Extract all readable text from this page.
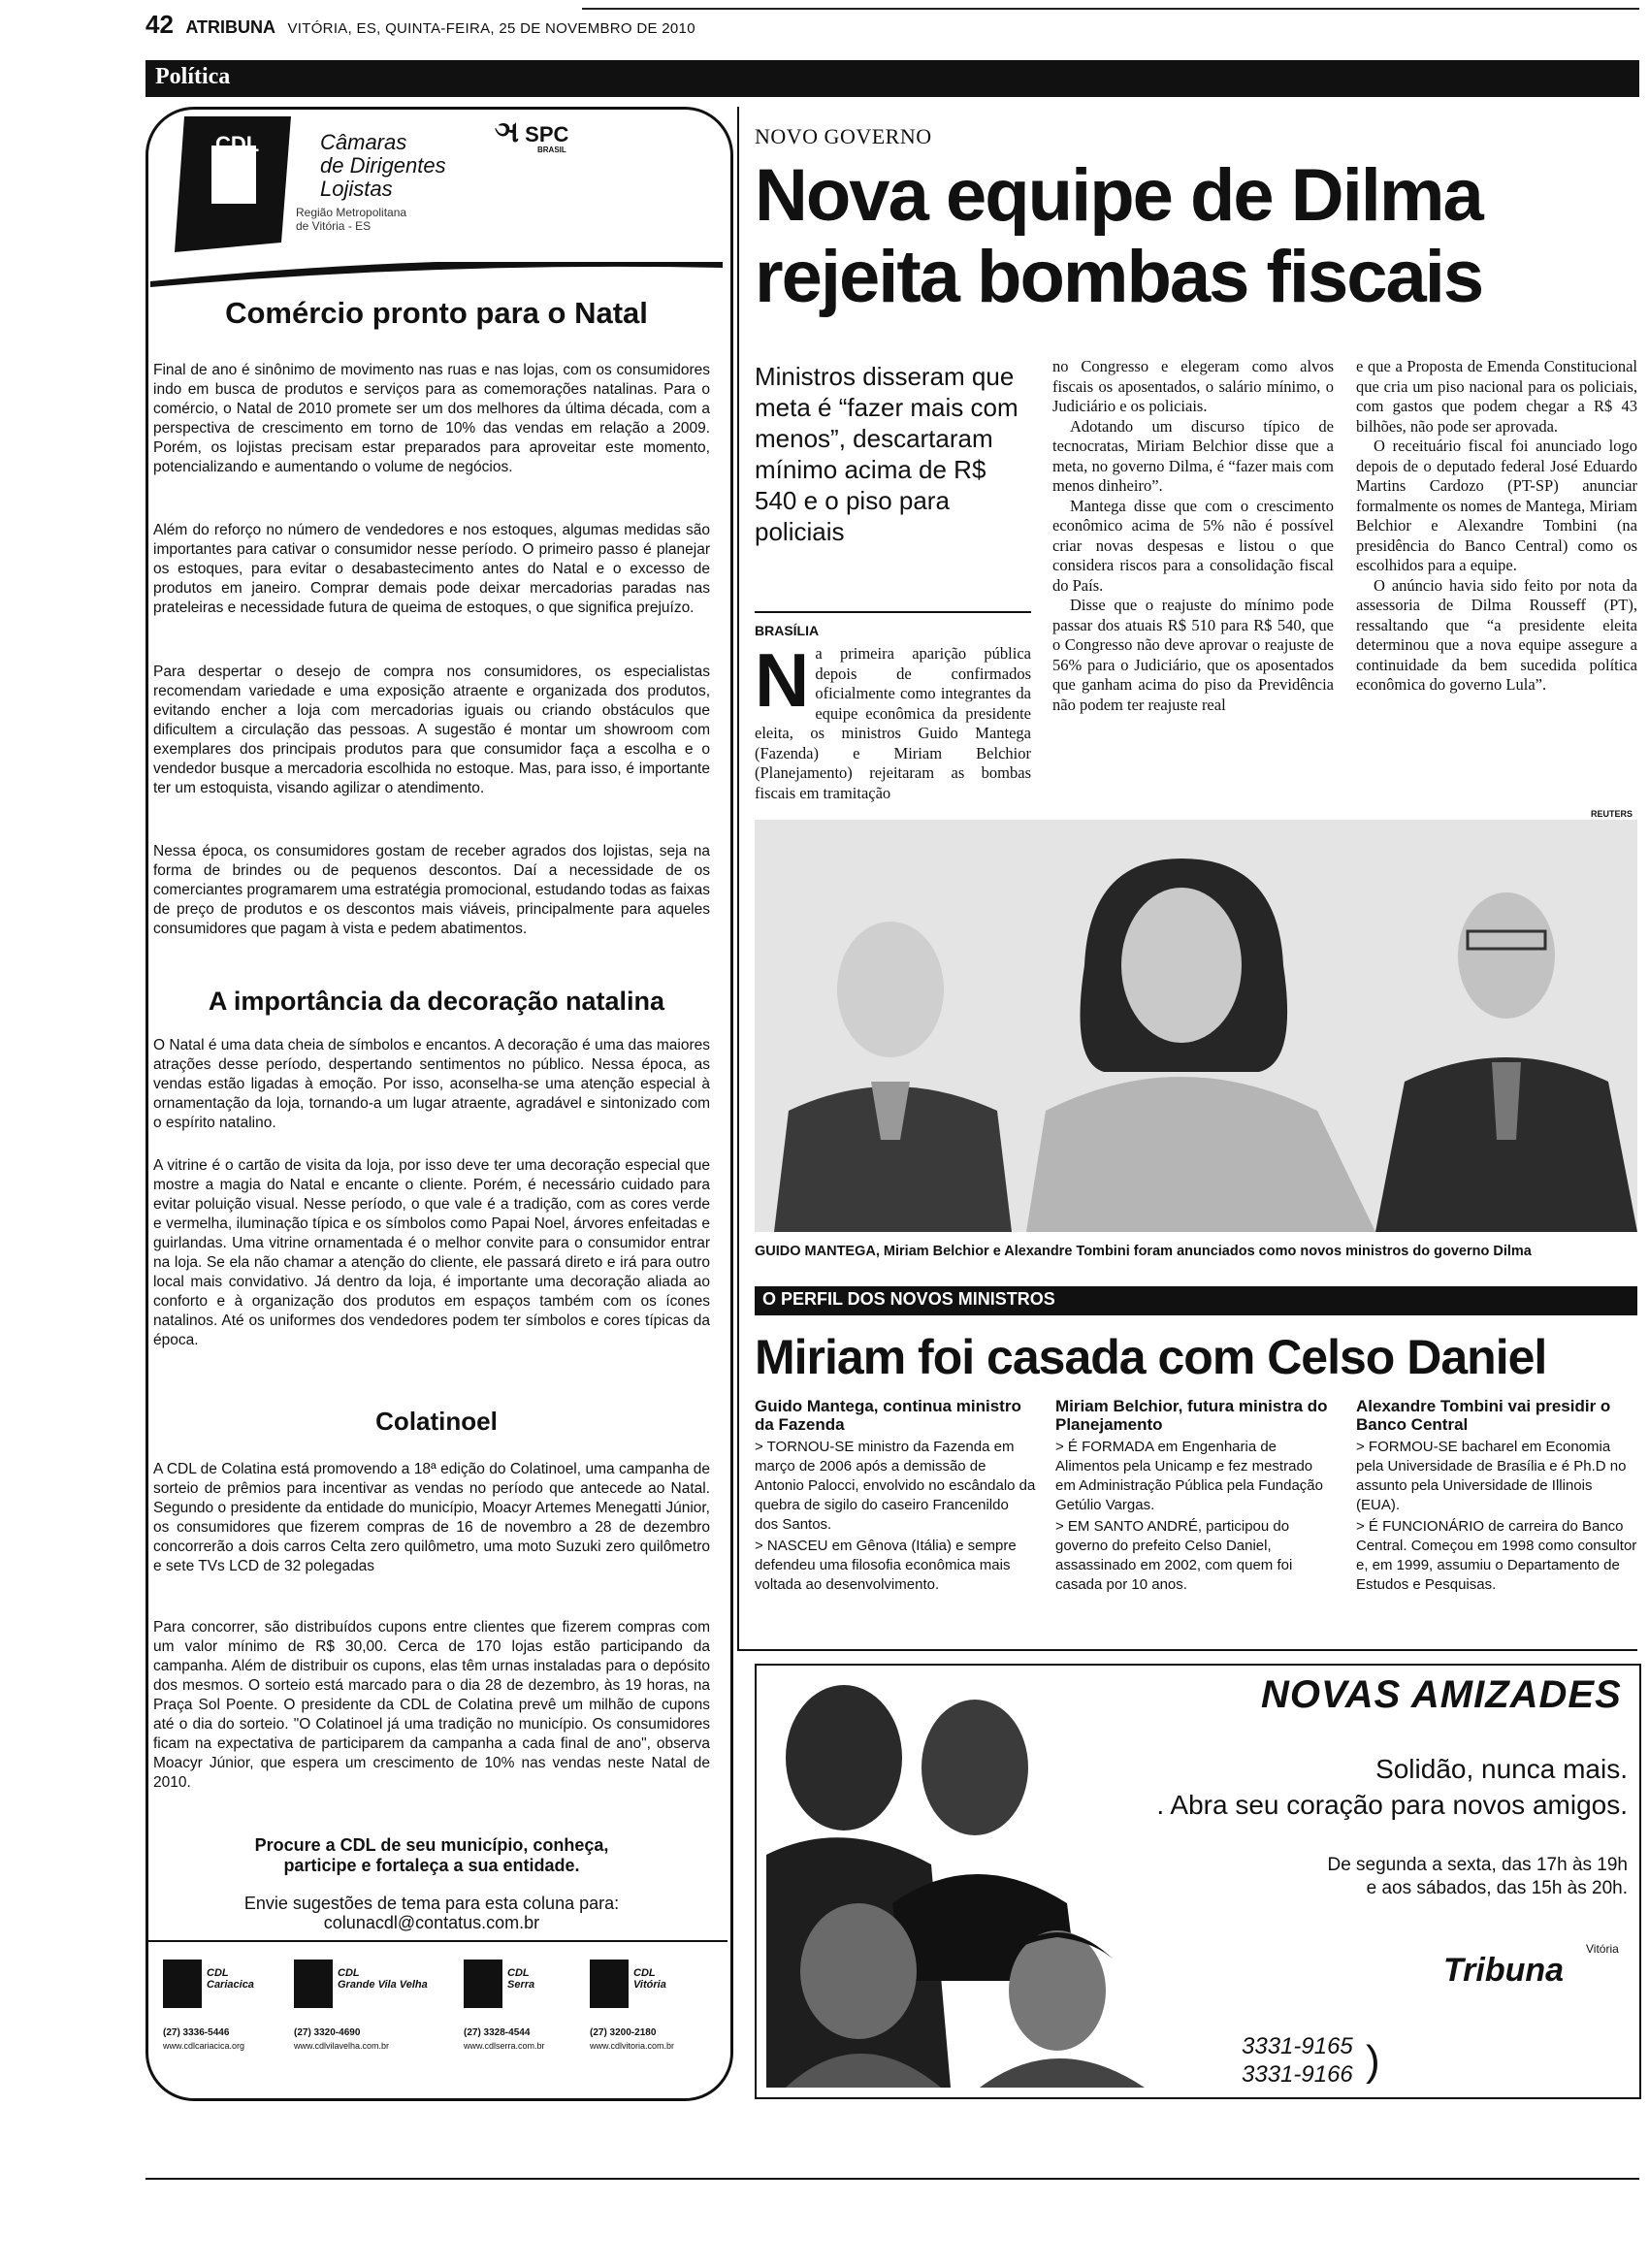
42 ATRIBUNA VITÓRIA, ES, QUINTA-FEIRA, 25 DE NOVEMBRO DE 2010
Política
CDL	Câmaras
de Dirigentes
Lojistas
Região Metropolitana
de Vitória - ES
ઞ SPC
BRASIL
Comércio pronto para o Natal
Final de ano é sinônimo de movimento nas ruas e nas lojas, com os consumidores indo em busca de produtos e serviços para as comemorações natalinas. Para o comércio, o Natal de 2010 promete ser um dos melhores da última década, com a perspectiva de crescimento em torno de 10% das vendas em relação a 2009. Porém, os lojistas precisam estar preparados para aproveitar este momento, potencializando e aumentando o volume de negócios.
Além do reforço no número de vendedores e nos estoques, algumas medidas são importantes para cativar o consumidor nesse período. O primeiro passo é planejar os estoques, para evitar o desabastecimento antes do Natal e o excesso de produtos em janeiro. Comprar demais pode deixar mercadorias paradas nas prateleiras e necessidade futura de queima de estoques, o que significa prejuízo.
Para despertar o desejo de compra nos consumidores, os especialistas recomendam variedade e uma exposição atraente e organizada dos produtos, evitando encher a loja com mercadorias iguais ou criando obstáculos que dificultem a circulação das pessoas. A sugestão é montar um showroom com exemplares dos principais produtos para que consumidor faça a escolha e o vendedor busque a mercadoria escolhida no estoque. Mas, para isso, é importante ter um estoquista, visando agilizar o atendimento.
Nessa época, os consumidores gostam de receber agrados dos lojistas, seja na forma de brindes ou de pequenos descontos. Daí a necessidade de os comerciantes programarem uma estratégia promocional, estudando todas as faixas de preço de produtos e os descontos mais viáveis, principalmente para aqueles consumidores que pagam à vista e pedem abatimentos.
A importância da decoração natalina
O Natal é uma data cheia de símbolos e encantos. A decoração é uma das maiores atrações desse período, despertando sentimentos no público. Nessa época, as vendas estão ligadas à emoção. Por isso, aconselha-se uma atenção especial à ornamentação da loja, tornando-a um lugar atraente, agradável e sintonizado com o espírito natalino.
A vitrine é o cartão de visita da loja, por isso deve ter uma decoração especial que mostre a magia do Natal e encante o cliente. Porém, é necessário cuidado para evitar poluição visual. Nesse período, o que vale é a tradição, com as cores verde e vermelha, iluminação típica e os símbolos como Papai Noel, árvores enfeitadas e guirlandas. Uma vitrine ornamentada é o melhor convite para o consumidor entrar na loja. Se ela não chamar a atenção do cliente, ele passará direto e irá para outro local mais convidativo. Já dentro da loja, é importante uma decoração aliada ao conforto e à organização dos produtos em espaços também com os ícones natalinos. Até os uniformes dos vendedores podem ter símbolos e cores típicas da época.
Colatinoel
A CDL de Colatina está promovendo a 18ª edição do Colatinoel, uma campanha de sorteio de prêmios para incentivar as vendas no período que antecede ao Natal. Segundo o presidente da entidade do município, Moacyr Artemes Menegatti Júnior, os consumidores que fizerem compras de 16 de novembro a 28 de dezembro concorrerão a dois carros Celta zero quilômetro, uma moto Suzuki zero quilômetro e sete TVs LCD de 32 polegadas
Para concorrer, são distribuídos cupons entre clientes que fizerem compras com um valor mínimo de R$ 30,00. Cerca de 170 lojas estão participando da campanha. Além de distribuir os cupons, elas têm urnas instaladas para o depósito dos mesmos. O sorteio está marcado para o dia 28 de dezembro, às 19 horas, na Praça Sol Poente. O presidente da CDL de Colatina prevê um milhão de cupons até o dia do sorteio. "O Colatinoel já uma tradição no município. Os consumidores ficam na expectativa de participarem da campanha a cada final de ano", observa Moacyr Júnior, que espera um crescimento de 10% nas vendas neste Natal de 2010.
Procure a CDL de seu município, conheça,
participe e fortaleça a sua entidade.
Envie sugestões de tema para esta coluna para:
colunacdl@contatus.com.br
CDL
Cariacica
(27) 3336-5446
www.cdlcariacica.org
CDL
Grande Vila Velha
(27) 3320-4690
www.cdlvilavelha.com.br
CDL
Serra
(27) 3328-4544
www.cdlserra.com.br
CDL
Vitória
(27) 3200-2180
www.cdlvitoria.com.br
NOVO GOVERNO
Nova equipe de Dilma
rejeita bombas fiscais
Ministros disseram que meta é “fazer mais com menos”, descartaram mínimo acima de R$ 540 e o piso para policiais
BRASÍLIA
N a primeira aparição pública depois de confirmados oficialmente como integrantes da equipe econômica da presidente eleita, os ministros Guido Mantega (Fazenda) e Miriam Belchior (Planejamento) rejeitaram as bombas fiscais em tramitação
no Congresso e elegeram como alvos fiscais os aposentados, o salário mínimo, o Judiciário e os policiais.
Adotando um discurso típico de tecnocratas, Miriam Belchior disse que a meta, no governo Dilma, é “fazer mais com menos dinheiro”.
Mantega disse que com o crescimento econômico acima de 5% não é possível criar novas despesas e listou o que considera riscos para a consolidação fiscal do País.
Disse que o reajuste do mínimo pode passar dos atuais R$ 510 para R$ 540, que o Congresso não deve aprovar o reajuste de 56% para o Judiciário, que os aposentados que ganham acima do piso da Previdência não podem ter reajuste real
e que a Proposta de Emenda Constitucional que cria um piso nacional para os policiais, com gastos que podem chegar a R$ 43 bilhões, não pode ser aprovada.
O receituário fiscal foi anunciado logo depois de o deputado federal José Eduardo Martins Cardozo (PT-SP) anunciar formalmente os nomes de Mantega, Miriam Belchior e Alexandre Tombini (na presidência do Banco Central) como os escolhidos para a equipe.
O anúncio havia sido feito por nota da assessoria de Dilma Rousseff (PT), ressaltando que “a presidente eleita determinou que a nova equipe assegure a continuidade da bem sucedida política econômica do governo Lula”.
REUTERS
GUIDO MANTEGA, Miriam Belchior e Alexandre Tombini foram anunciados como novos ministros do governo Dilma
O PERFIL DOS NOVOS MINISTROS
Miriam foi casada com Celso Daniel
Guido Mantega, continua ministro da Fazenda
> TORNOU-SE ministro da Fazenda em março de 2006 após a demissão de Antonio Palocci, envolvido no escândalo da quebra de sigilo do caseiro Francenildo dos Santos.
> NASCEU em Gênova (Itália) e sempre defendeu uma filosofia econômica mais voltada ao desenvolvimento.
Miriam Belchior, futura ministra do Planejamento
> É FORMADA em Engenharia de Alimentos pela Unicamp e fez mestrado em Administração Pública pela Fundação Getúlio Vargas.
> EM SANTO ANDRÉ, participou do governo do prefeito Celso Daniel, assassinado em 2002, com quem foi casada por 10 anos.
Alexandre Tombini vai presidir o Banco Central
> FORMOU-SE bacharel em Economia pela Universidade de Brasília e é Ph.D no assunto pela Universidade de Illinois (EUA).
> É FUNCIONÁRIO de carreira do Banco Central. Começou em 1998 como consultor e, em 1999, assumiu o Departamento de Estudos e Pesquisas.
NOVAS AMIZADES
Solidão, nunca mais.
. Abra seu coração para novos amigos.
De segunda a sexta, das 17h às 19h
e aos sábados, das 15h às 20h.
Tribuna
Vitória
3331-9165
3331-9166 )
